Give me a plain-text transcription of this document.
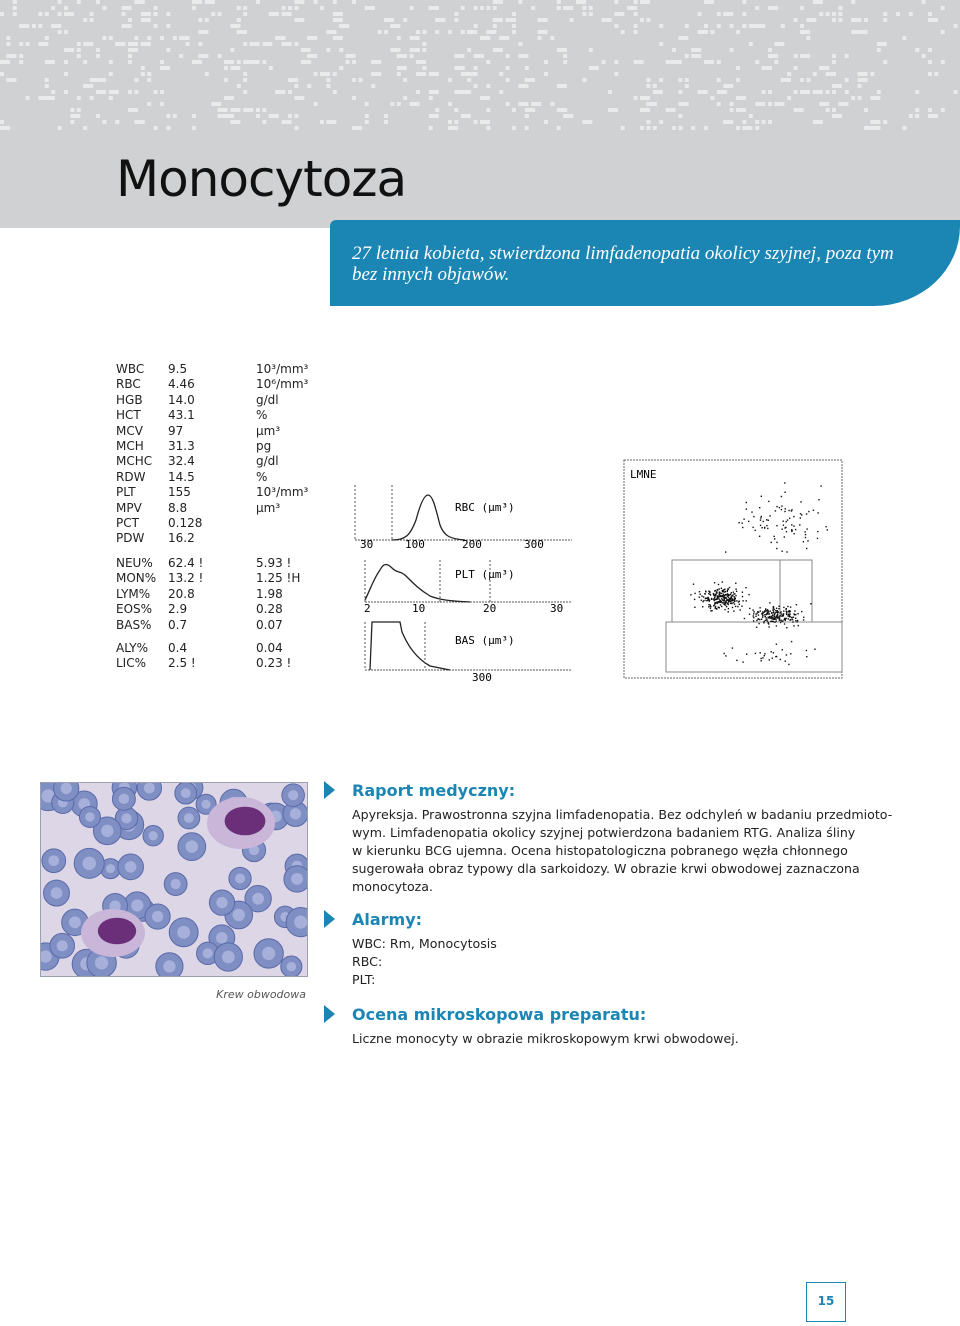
Monocytoza
27 letnia kobieta, stwierdzona limfadenopatia okolicy szyjnej, poza tym bez innych objawów.
WBC	9.5	10³/mm³
RBC	4.46	10⁶/mm³
HGB	14.0	g/dl
HCT	43.1	%
MCV	97	µm³
MCH	31.3	pg
MCHC	32.4	g/dl
RDW	14.5	%
PLT	155	10³/mm³
MPV	8.8	µm³
PCT	0.128
PDW	16.2
NEU%	62.4 !	5.93 !
MON% 13.2 !	1.25 !H
LYM%	20.8	1.98
EOS%	2.9	0.28
BAS%	0.7	0.07
ALY%	0.4	0.04
LIC%	2.5 !	0.23 !
RBC (µm³)
30	100	200	300
PLT (µm³)
2	10	20	30
BAS (µm³)
300
LMNE
Krew obwodowa
Raport medyczny:
Apyreksja. Prawostronna szyjna limfadenopatia. Bez odchyleń w badaniu przedmioto-
wym. Limfadenopatia okolicy szyjnej potwierdzona badaniem RTG. Analiza śliny
w kierunku BCG ujemna. Ocena histopatologiczna pobranego węzła chłonnego
sugerowała obraz typowy dla sarkoidozy. W obrazie krwi obwodowej zaznaczona
monocytoza.
Alarmy:
WBC: Rm, Monocytosis
RBC:
PLT:
Ocena mikroskopowa preparatu:
Liczne monocyty w obrazie mikroskopowym krwi obwodowej.
15
